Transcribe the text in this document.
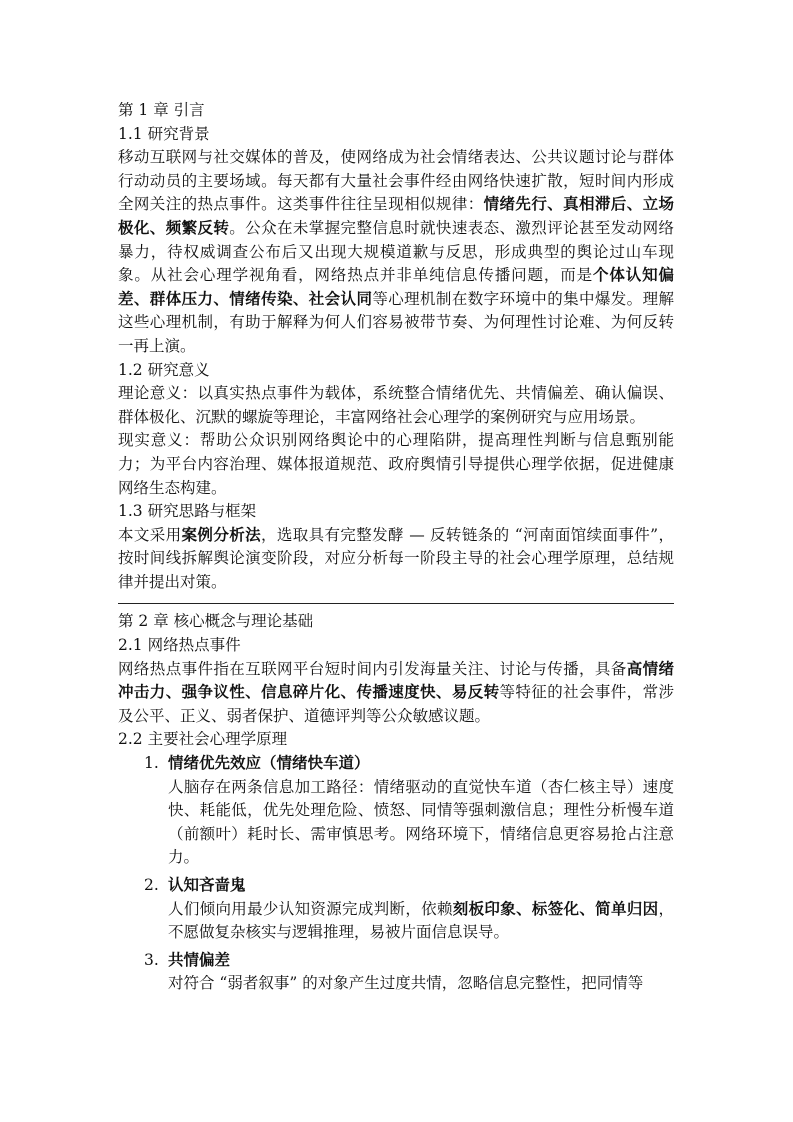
第 1 章 引言
1.1 研究背景
移动互联网与社交媒体的普及，使网络成为社会情绪表达、公共议题讨论与群体行动动员的主要场域。每天都有大量社会事件经由网络快速扩散，短时间内形成全网关注的热点事件。这类事件往往呈现相似规律：情绪先行、真相滞后、立场极化、频繁反转。公众在未掌握完整信息时就快速表态、激烈评论甚至发动网络暴力，待权威调查公布后又出现大规模道歉与反思，形成典型的舆论过山车现象。从社会心理学视角看，网络热点并非单纯信息传播问题，而是个体认知偏差、群体压力、情绪传染、社会认同等心理机制在数字环境中的集中爆发。理解这些心理机制，有助于解释为何人们容易被带节奏、为何理性讨论难、为何反转一再上演。
1.2 研究意义
理论意义：以真实热点事件为载体，系统整合情绪优先、共情偏差、确认偏误、群体极化、沉默的螺旋等理论，丰富网络社会心理学的案例研究与应用场景。
现实意义：帮助公众识别网络舆论中的心理陷阱，提高理性判断与信息甄别能力；为平台内容治理、媒体报道规范、政府舆情引导提供心理学依据，促进健康网络生态构建。
1.3 研究思路与框架
本文采用案例分析法，选取具有完整发酵 — 反转链条的 “河南面馆续面事件”，按时间线拆解舆论演变阶段，对应分析每一阶段主导的社会心理学原理，总结规律并提出对策。
第 2 章 核心概念与理论基础
2.1 网络热点事件
网络热点事件指在互联网平台短时间内引发海量关注、讨论与传播，具备高情绪冲击力、强争议性、信息碎片化、传播速度快、易反转等特征的社会事件，常涉及公平、正义、弱者保护、道德评判等公众敏感议题。
2.2 主要社会心理学原理
1. 情绪优先效应（情绪快车道）
人脑存在两条信息加工路径：情绪驱动的直觉快车道（杏仁核主导）速度快、耗能低，优先处理危险、愤怒、同情等强刺激信息；理性分析慢车道（前额叶）耗时长、需审慎思考。网络环境下，情绪信息更容易抢占注意力。
2. 认知吝啬鬼
人们倾向用最少认知资源完成判断，依赖刻板印象、标签化、简单归因，不愿做复杂核实与逻辑推理，易被片面信息误导。
3. 共情偏差
对符合 “弱者叙事” 的对象产生过度共情，忽略信息完整性，把同情等
